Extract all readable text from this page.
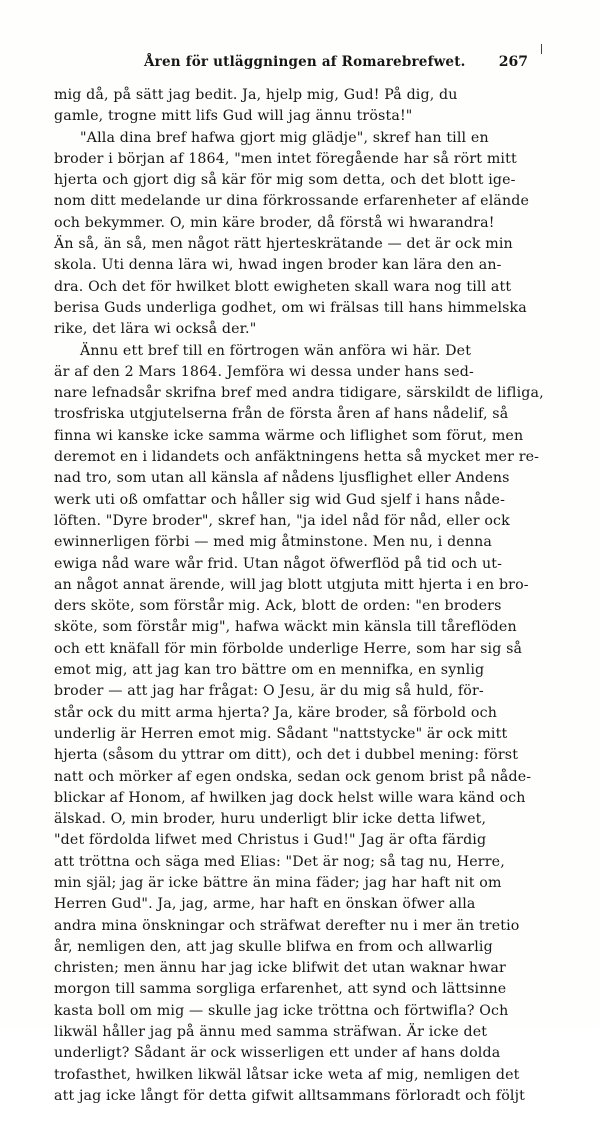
Åren för utläggningen af Romarebrefwet. 267
mig då, på sätt jag bedit. Ja, hjelp mig, Gud! På dig, du
gamle, trogne mitt lifs Gud will jag ännu trösta!"
"Alla dina bref hafwa gjort mig glädje", skref han till en
broder i början af 1864, "men intet föregående har så rört mitt
hjerta och gjort dig så kär för mig som detta, och det blott ige-
nom ditt medelande ur dina förkrossande erfarenheter af elände
och bekymmer. O, min käre broder, då förstå wi hwarandra!
Än så, än så, men något rätt hjerteskrätande — det är ock min
skola. Uti denna lära wi, hwad ingen broder kan lära den an-
dra. Och det för hwilket blott ewigheten skall wara nog till att
berisa Guds underliga godhet, om wi frälsas till hans himmelska
rike, det lära wi också der."
Ännu ett bref till en förtrogen wän anföra wi här. Det
är af den 2 Mars 1864. Jemföra wi dessa under hans sed-
nare lefnadsår skrifna bref med andra tidigare, särskildt de lifliga,
trosfriska utgjutelserna från de första åren af hans nådelif, så
finna wi kanske icke samma wärme och liflighet som förut, men
deremot en i lidandets och anfäktningens hetta så mycket mer re-
nad tro, som utan all känsla af nådens ljusflighet eller Andens
werk uti oß omfattar och håller sig wid Gud sjelf i hans nåde-
löften. "Dyre broder", skref han, "ja idel nåd för nåd, eller ock
ewinnerligen förbi — med mig åtminstone. Men nu, i denna
ewiga nåd ware wår frid. Utan något öfwerflöd på tid och ut-
an något annat ärende, will jag blott utgjuta mitt hjerta i en bro-
ders sköte, som förstår mig. Ack, blott de orden: "en broders
sköte, som förstår mig", hafwa wäckt min känsla till tåreflöden
och ett knäfall för min förbolde underlige Herre, som har sig så
emot mig, att jag kan tro bättre om en mennifka, en synlig
broder — att jag har frågat: O Jesu, är du mig så huld, för-
står ock du mitt arma hjerta? Ja, käre broder, så förbold och
underlig är Herren emot mig. Sådant "nattstycke" är ock mitt
hjerta (såsom du yttrar om ditt), och det i dubbel mening: först
natt och mörker af egen ondska, sedan ock genom brist på nåde-
blickar af Honom, af hwilken jag dock helst wille wara känd och
älskad. O, min broder, huru underligt blir icke detta lifwet,
"det fördolda lifwet med Christus i Gud!" Jag är ofta färdig
att tröttna och säga med Elias: "Det är nog; så tag nu, Herre,
min själ; jag är icke bättre än mina fäder; jag har haft nit om
Herren Gud". Ja, jag, arme, har haft en önskan öfwer alla
andra mina önskningar och sträfwat derefter nu i mer än tretio
år, nemligen den, att jag skulle blifwa en from och allwarlig
christen; men ännu har jag icke blifwit det utan waknar hwar
morgon till samma sorgliga erfarenhet, att synd och lättsinne
kasta boll om mig — skulle jag icke tröttna och förtwifla? Och
likwäl håller jag på ännu med samma sträfwan. Är icke det
underligt? Sådant är ock wisserligen ett under af hans dolda
trofasthet, hwilken likwäl låtsar icke weta af mig, nemligen det
att jag icke långt för detta gifwit alltsammans förloradt och följt
